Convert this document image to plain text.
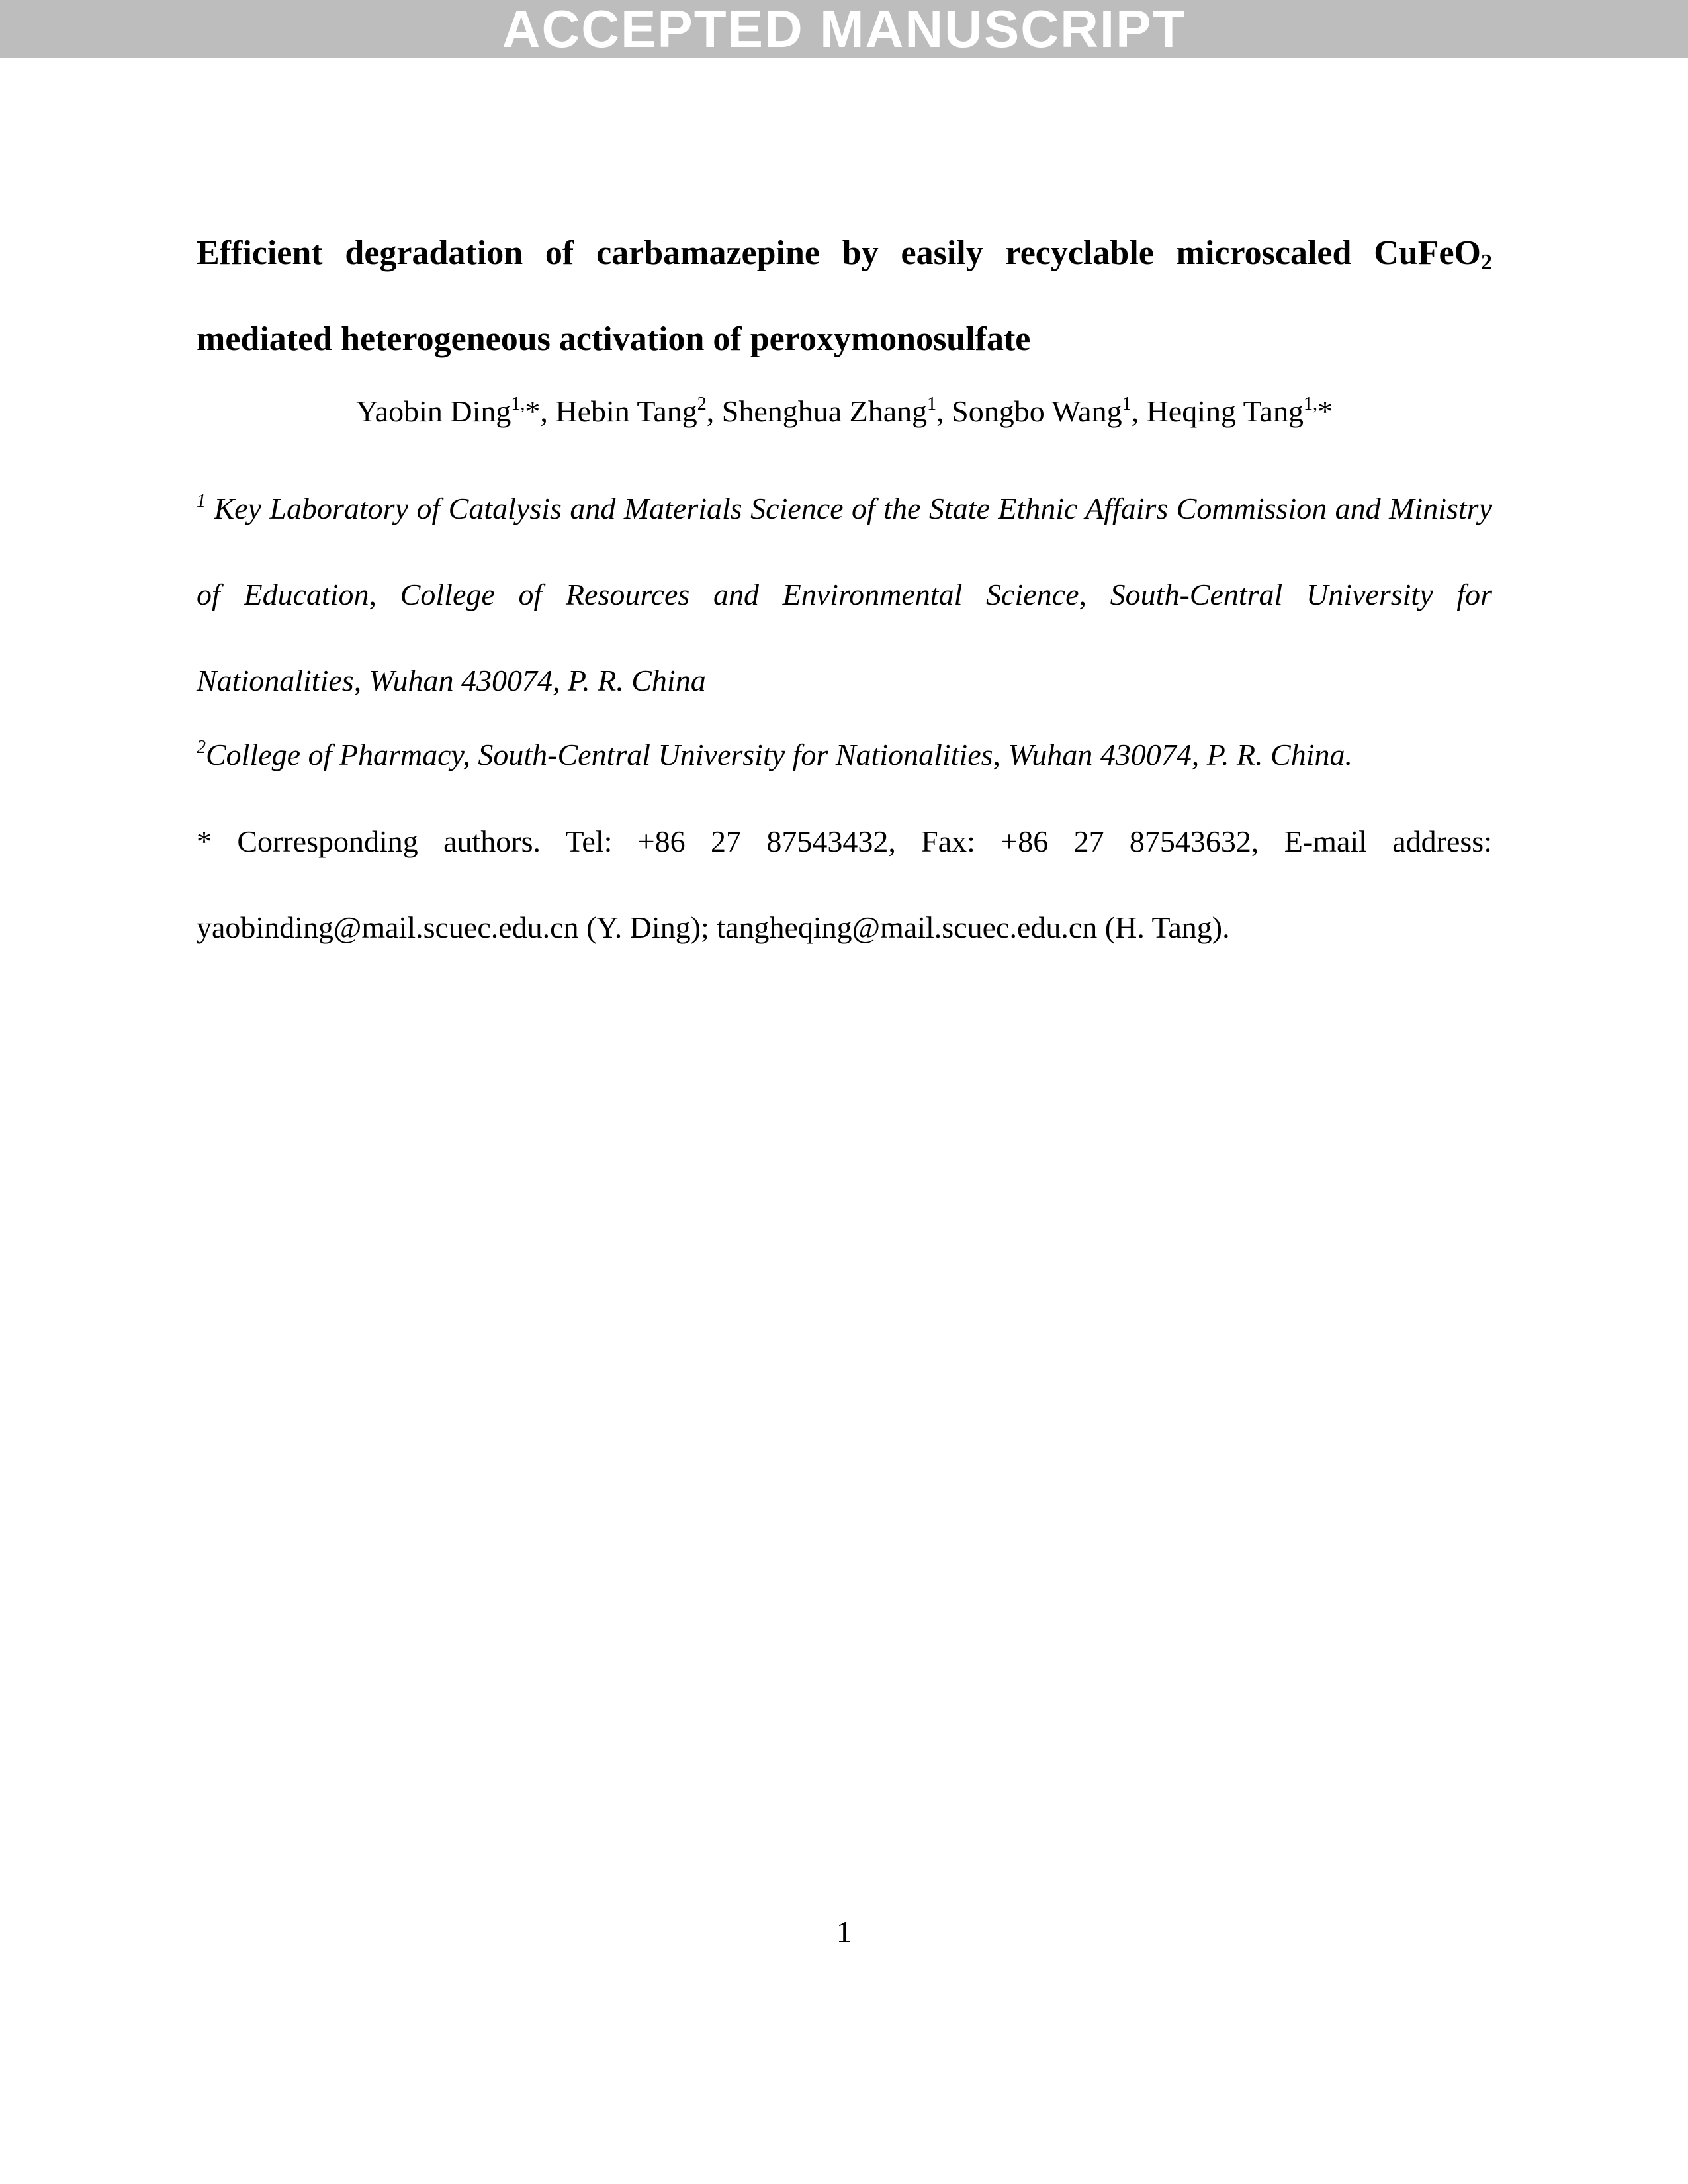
ACCEPTED MANUSCRIPT
Efficient degradation of carbamazepine by easily recyclable microscaled CuFeO$_2$ mediated heterogeneous activation of peroxymonosulfate
Yaobin Ding$^{1,}$*, Hebin Tang$^2$, Shenghua Zhang$^1$, Songbo Wang$^1$, Heqing Tang$^{1,}$*
$^1$ Key Laboratory of Catalysis and Materials Science of the State Ethnic Affairs Commission and Ministry of Education, College of Resources and Environmental Science, South-Central University for Nationalities, Wuhan 430074, P. R. China
$^2$College of Pharmacy, South-Central University for Nationalities, Wuhan 430074, P. R. China.
* Corresponding authors. Tel: +86 27 87543432, Fax: +86 27 87543632, E-mail address:
yaobinding@mail.scuec.edu.cn (Y. Ding); tangheqing@mail.scuec.edu.cn (H. Tang).
1
